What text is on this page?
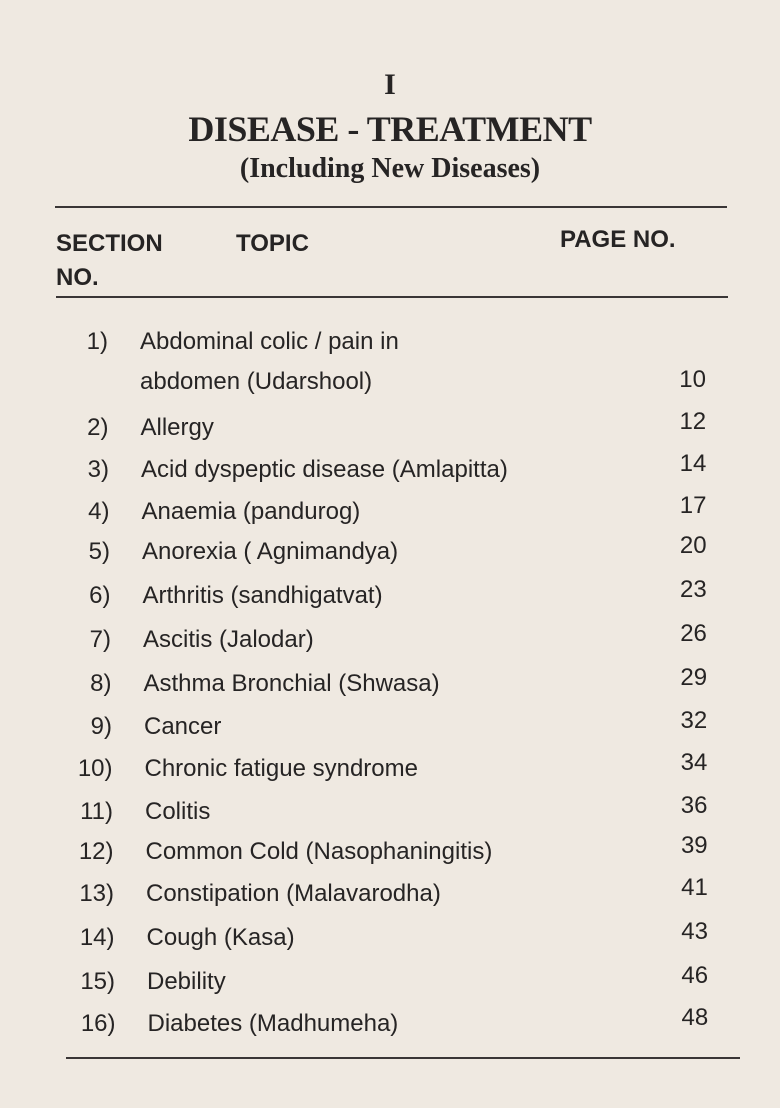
I
DISEASE - TREATMENT
(Including New Diseases)
SECTION
NO.
TOPIC	PAGE NO.
1) Abdominal colic / pain in
abdomen (Udarshool)	10
2) Allergy	12
3) Acid dyspeptic disease (Amlapitta)	14
4) Anaemia (pandurog)	17
5) Anorexia ( Agnimandya)	20
6) Arthritis (sandhigatvat)	23
7) Ascitis (Jalodar)	26
8) Asthma Bronchial (Shwasa)	29
9) Cancer	32
10) Chronic fatigue syndrome	34
11) Colitis	36
12) Common Cold (Nasophaningitis)	39
13) Constipation (Malavarodha)	41
14) Cough (Kasa)	43
15) Debility	46
16) Diabetes (Madhumeha)	48
